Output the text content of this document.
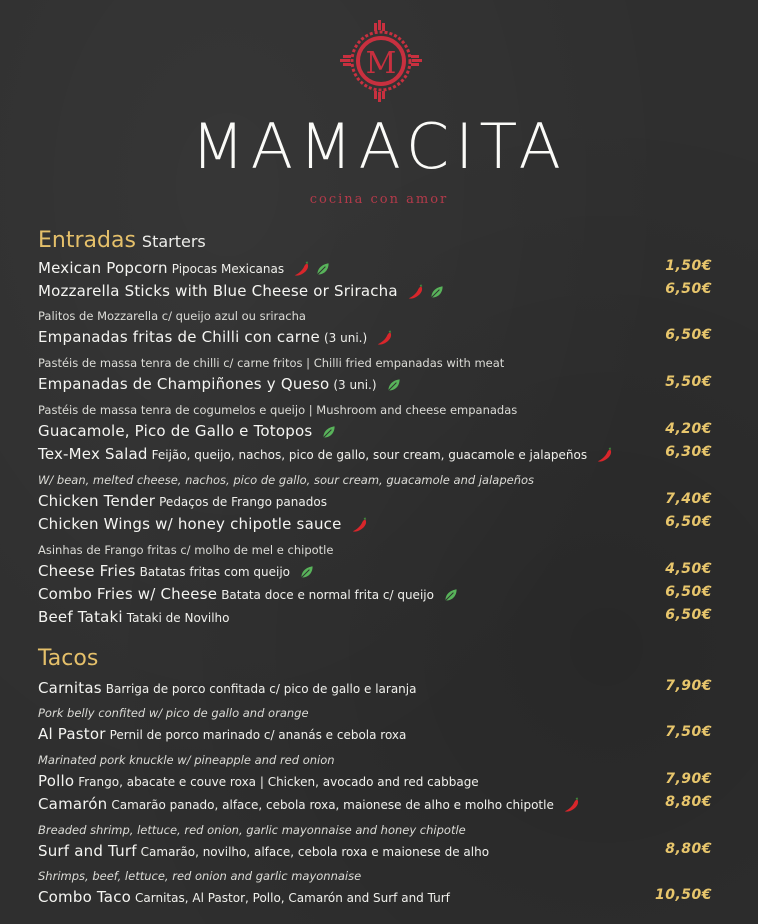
M
MAMACITA
cocina con amor
Entradas Starters
Mexican Popcorn Pipocas Mexicanas	1,50€
Mozzarella Sticks with Blue Cheese or Sriracha	6,50€
Palitos de Mozzarella c/ queijo azul ou sriracha
Empanadas fritas de Chilli con carne (3 uni.)	6,50€
Pastéis de massa tenra de chilli c/ carne fritos | Chilli fried empanadas with meat
Empanadas de Champiñones y Queso (3 uni.)	5,50€
Pastéis de massa tenra de cogumelos e queijo | Mushroom and cheese empanadas
Guacamole, Pico de Gallo e Totopos	4,20€
Tex-Mex Salad Feijão, queijo, nachos, pico de gallo, sour cream, guacamole e jalapeños	6,30€
W/ bean, melted cheese, nachos, pico de gallo, sour cream, guacamole and jalapeños
Chicken Tender Pedaços de Frango panados	7,40€
Chicken Wings w/ honey chipotle sauce	6,50€
Asinhas de Frango fritas c/ molho de mel e chipotle
Cheese Fries Batatas fritas com queijo	4,50€
Combo Fries w/ Cheese Batata doce e normal frita c/ queijo	6,50€
Beef Tataki Tataki de Novilho	6,50€
Tacos
Carnitas Barriga de porco confitada c/ pico de gallo e laranja	7,90€
Pork belly confited w/ pico de gallo and orange
Al Pastor Pernil de porco marinado c/ ananás e cebola roxa	7,50€
Marinated pork knuckle w/ pineapple and red onion
Pollo Frango, abacate e couve roxa | Chicken, avocado and red cabbage	7,90€
Camarón Camarão panado, alface, cebola roxa, maionese de alho e molho chipotle	8,80€
Breaded shrimp, lettuce, red onion, garlic mayonnaise and honey chipotle
Surf and Turf Camarão, novilho, alface, cebola roxa e maionese de alho	8,80€
Shrimps, beef, lettuce, red onion and garlic mayonnaise
Combo Taco Carnitas, Al Pastor, Pollo, Camarón and Surf and Turf	10,50€
